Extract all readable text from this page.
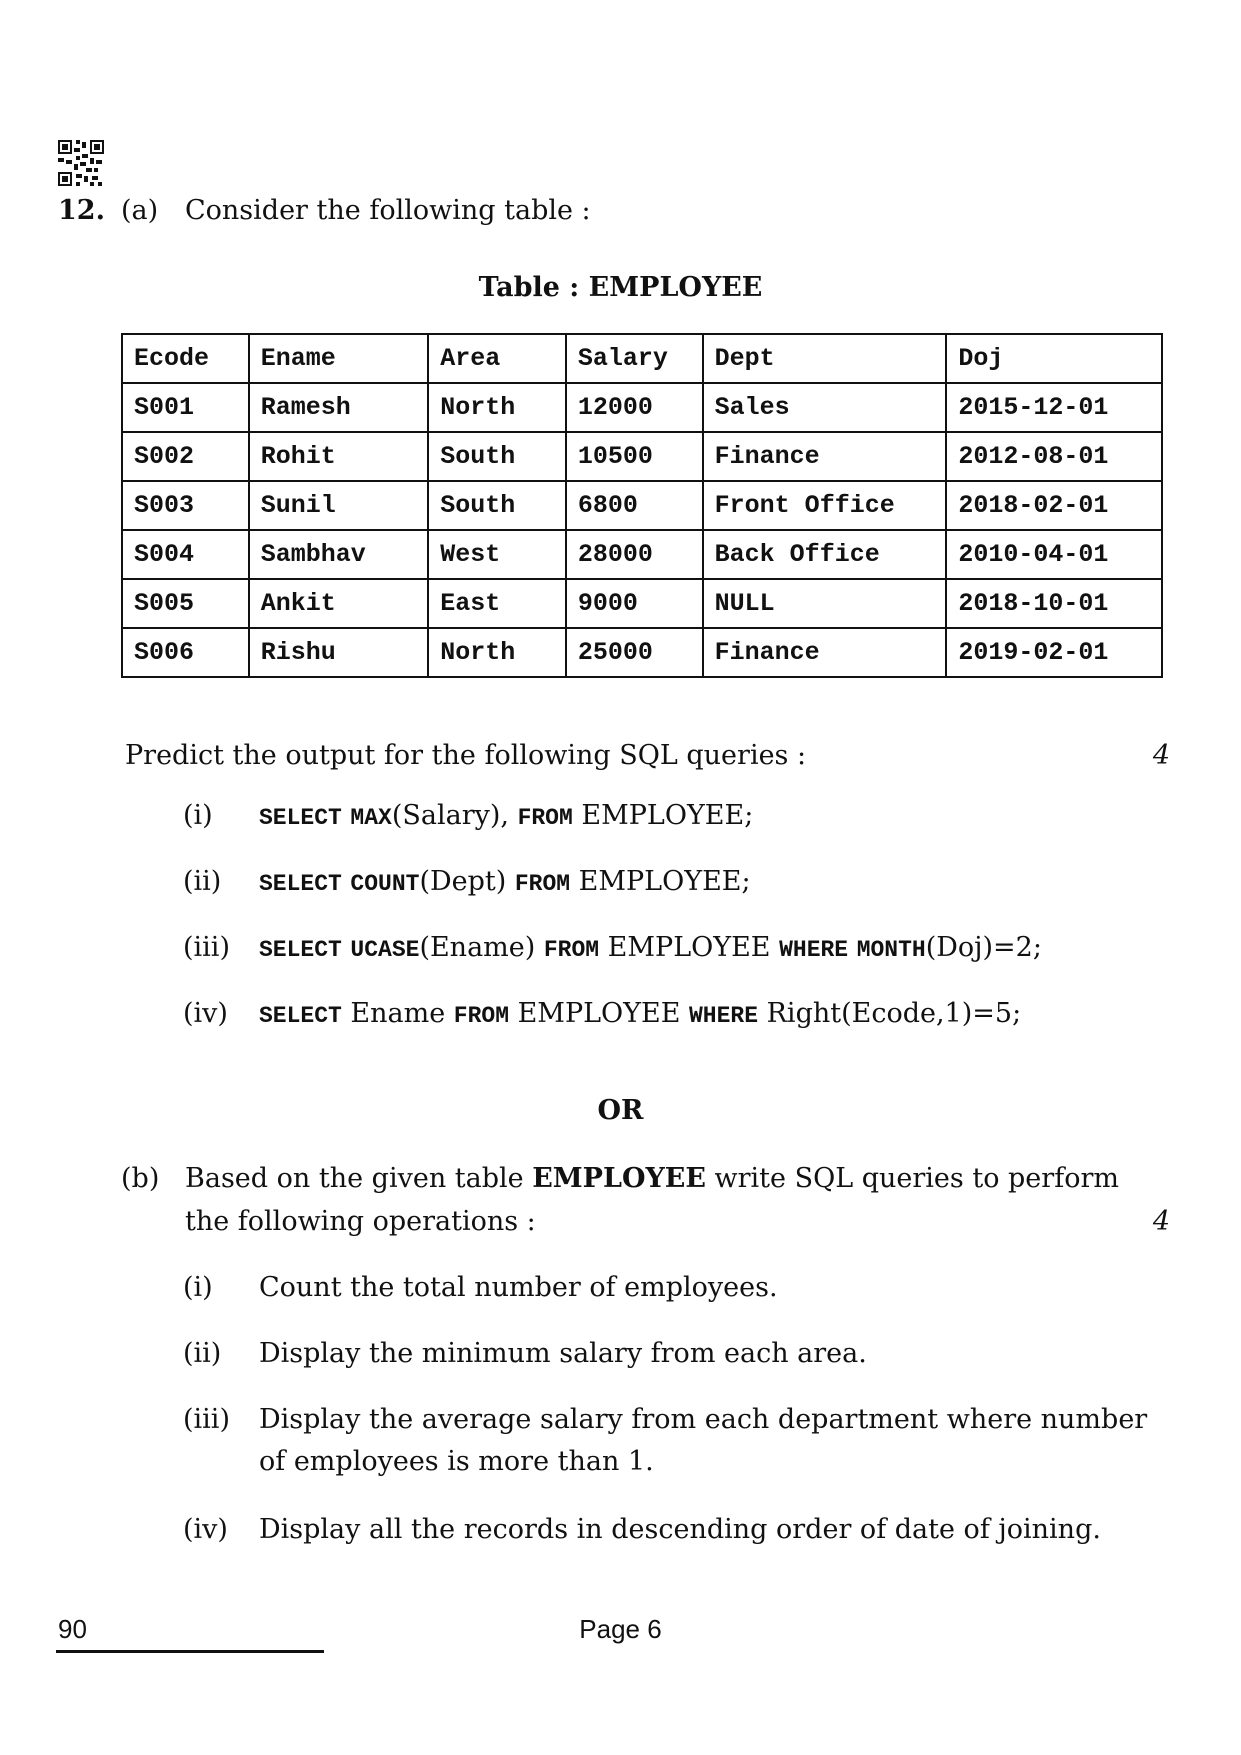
12. (a) Consider the following table :
Table : EMPLOYEE
Ecode	Ename	Area	Salary	Dept	Doj
S001	Ramesh	North	12000	Sales	2015-12-01
S002	Rohit	South	10500	Finance	2012-08-01
S003	Sunil	South	6800	Front Office	2018-02-01
S004	Sambhav	West	28000	Back Office	2010-04-01
S005	Ankit	East	9000	NULL	2018-10-01
S006	Rishu	North	25000	Finance	2019-02-01
Predict the output for the following SQL queries :	4
(i) SELECT MAX(Salary), FROM EMPLOYEE;
(ii) SELECT COUNT(Dept) FROM EMPLOYEE;
(iii) SELECT UCASE(Ename) FROM EMPLOYEE WHERE MONTH(Doj)=2;
(iv) SELECT Ename FROM EMPLOYEE WHERE Right(Ecode,1)=5;
OR
(b) Based on the given table EMPLOYEE write SQL queries to perform
the following operations :	4
(i) Count the total number of employees.
(ii) Display the minimum salary from each area.
(iii) Display the average salary from each department where number
of employees is more than 1.
(iv) Display all the records in descending order of date of joining.
90	Page 6
